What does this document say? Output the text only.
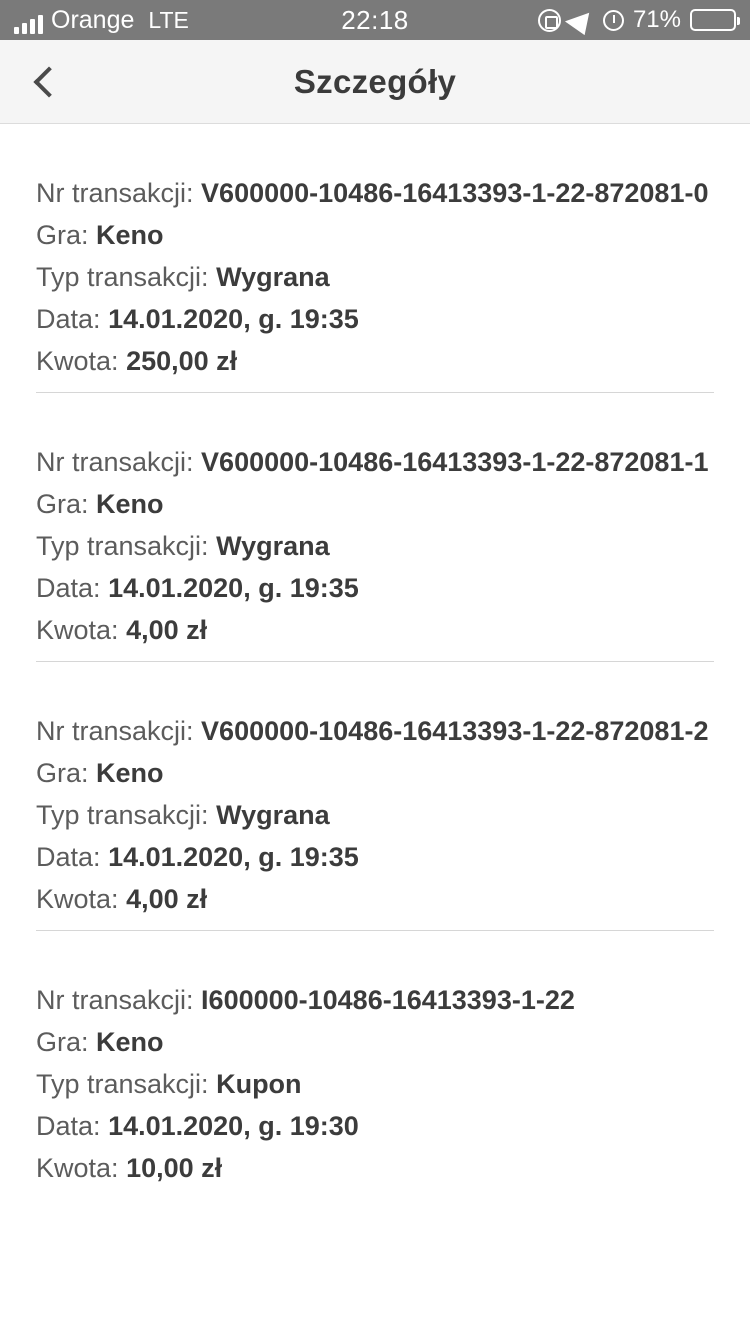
Orange LTE	22:18	71%
Szczegóły
Nr transakcji: V600000-10486-16413393-1-22-872081-0
Gra: Keno
Typ transakcji: Wygrana
Data: 14.01.2020, g. 19:35
Kwota: 250,00 zł
Nr transakcji: V600000-10486-16413393-1-22-872081-1
Gra: Keno
Typ transakcji: Wygrana
Data: 14.01.2020, g. 19:35
Kwota: 4,00 zł
Nr transakcji: V600000-10486-16413393-1-22-872081-2
Gra: Keno
Typ transakcji: Wygrana
Data: 14.01.2020, g. 19:35
Kwota: 4,00 zł
Nr transakcji: I600000-10486-16413393-1-22
Gra: Keno
Typ transakcji: Kupon
Data: 14.01.2020, g. 19:30
Kwota: 10,00 zł
